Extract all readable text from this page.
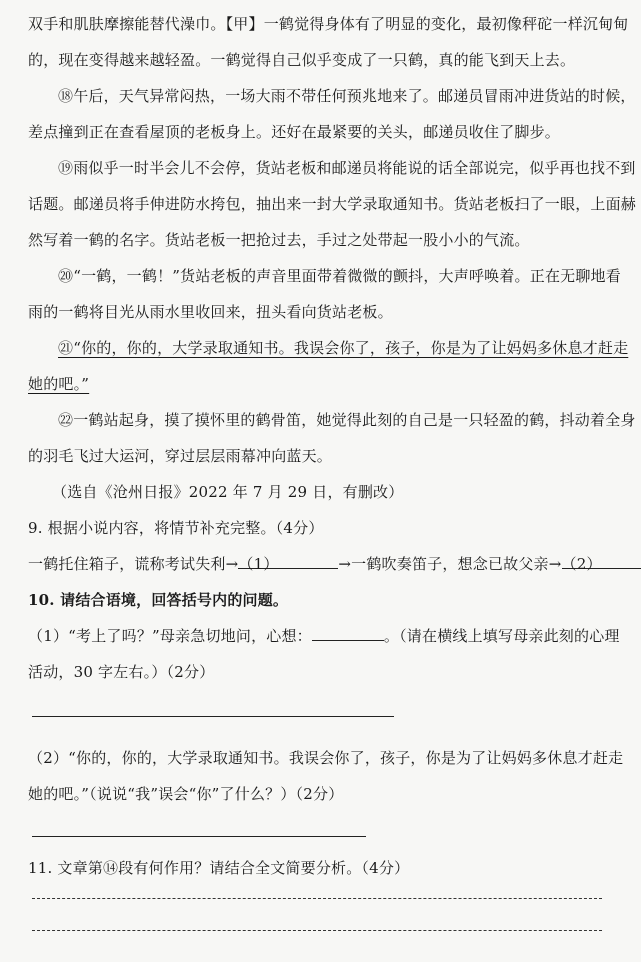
双手和肌肤摩擦能替代澡巾。【甲】一鹤觉得身体有了明显的变化，最初像秤砣一样沉甸甸
的，现在变得越来越轻盈。一鹤觉得自己似乎变成了一只鹤，真的能飞到天上去。
⑱午后，天气异常闷热，一场大雨不带任何预兆地来了。邮递员冒雨冲进货站的时候，
差点撞到正在查看屋顶的老板身上。还好在最紧要的关头，邮递员收住了脚步。
⑲雨似乎一时半会儿不会停，货站老板和邮递员将能说的话全部说完，似乎再也找不到
话题。邮递员将手伸进防水挎包，抽出来一封大学录取通知书。货站老板扫了一眼，上面赫
然写着一鹤的名字。货站老板一把抢过去，手过之处带起一股小小的气流。
⑳“一鹤，一鹤！”货站老板的声音里面带着微微的颤抖，大声呼唤着。正在无聊地看
雨的一鹤将目光从雨水里收回来，扭头看向货站老板。
㉑“你的，你的，大学录取通知书。我误会你了，孩子，你是为了让妈妈多休息才赶走
她的吧。”
㉒一鹤站起身，摸了摸怀里的鹤骨笛，她觉得此刻的自己是一只轻盈的鹤，抖动着全身
的羽毛飞过大运河，穿过层层雨幕冲向蓝天。
（选自《沧州日报》2022 年 7 月 29 日，有删改）
9. 根据小说内容，将情节补充完整。（4分）
一鹤托住箱子，谎称考试失利→（1）	→一鹤吹奏笛子，想念已故父亲→（2）
10. 请结合语境，回答括号内的问题。
（1）“考上了吗？”母亲急切地问，心想：	。（请在横线上填写母亲此刻的心理
活动，30 字左右。）（2分）
（2）“你的，你的，大学录取通知书。我误会你了，孩子，你是为了让妈妈多休息才赶走
她的吧。”（说说“我”误会“你”了什么？）（2分）
11. 文章第⑭段有何作用？请结合全文简要分析。（4分）
